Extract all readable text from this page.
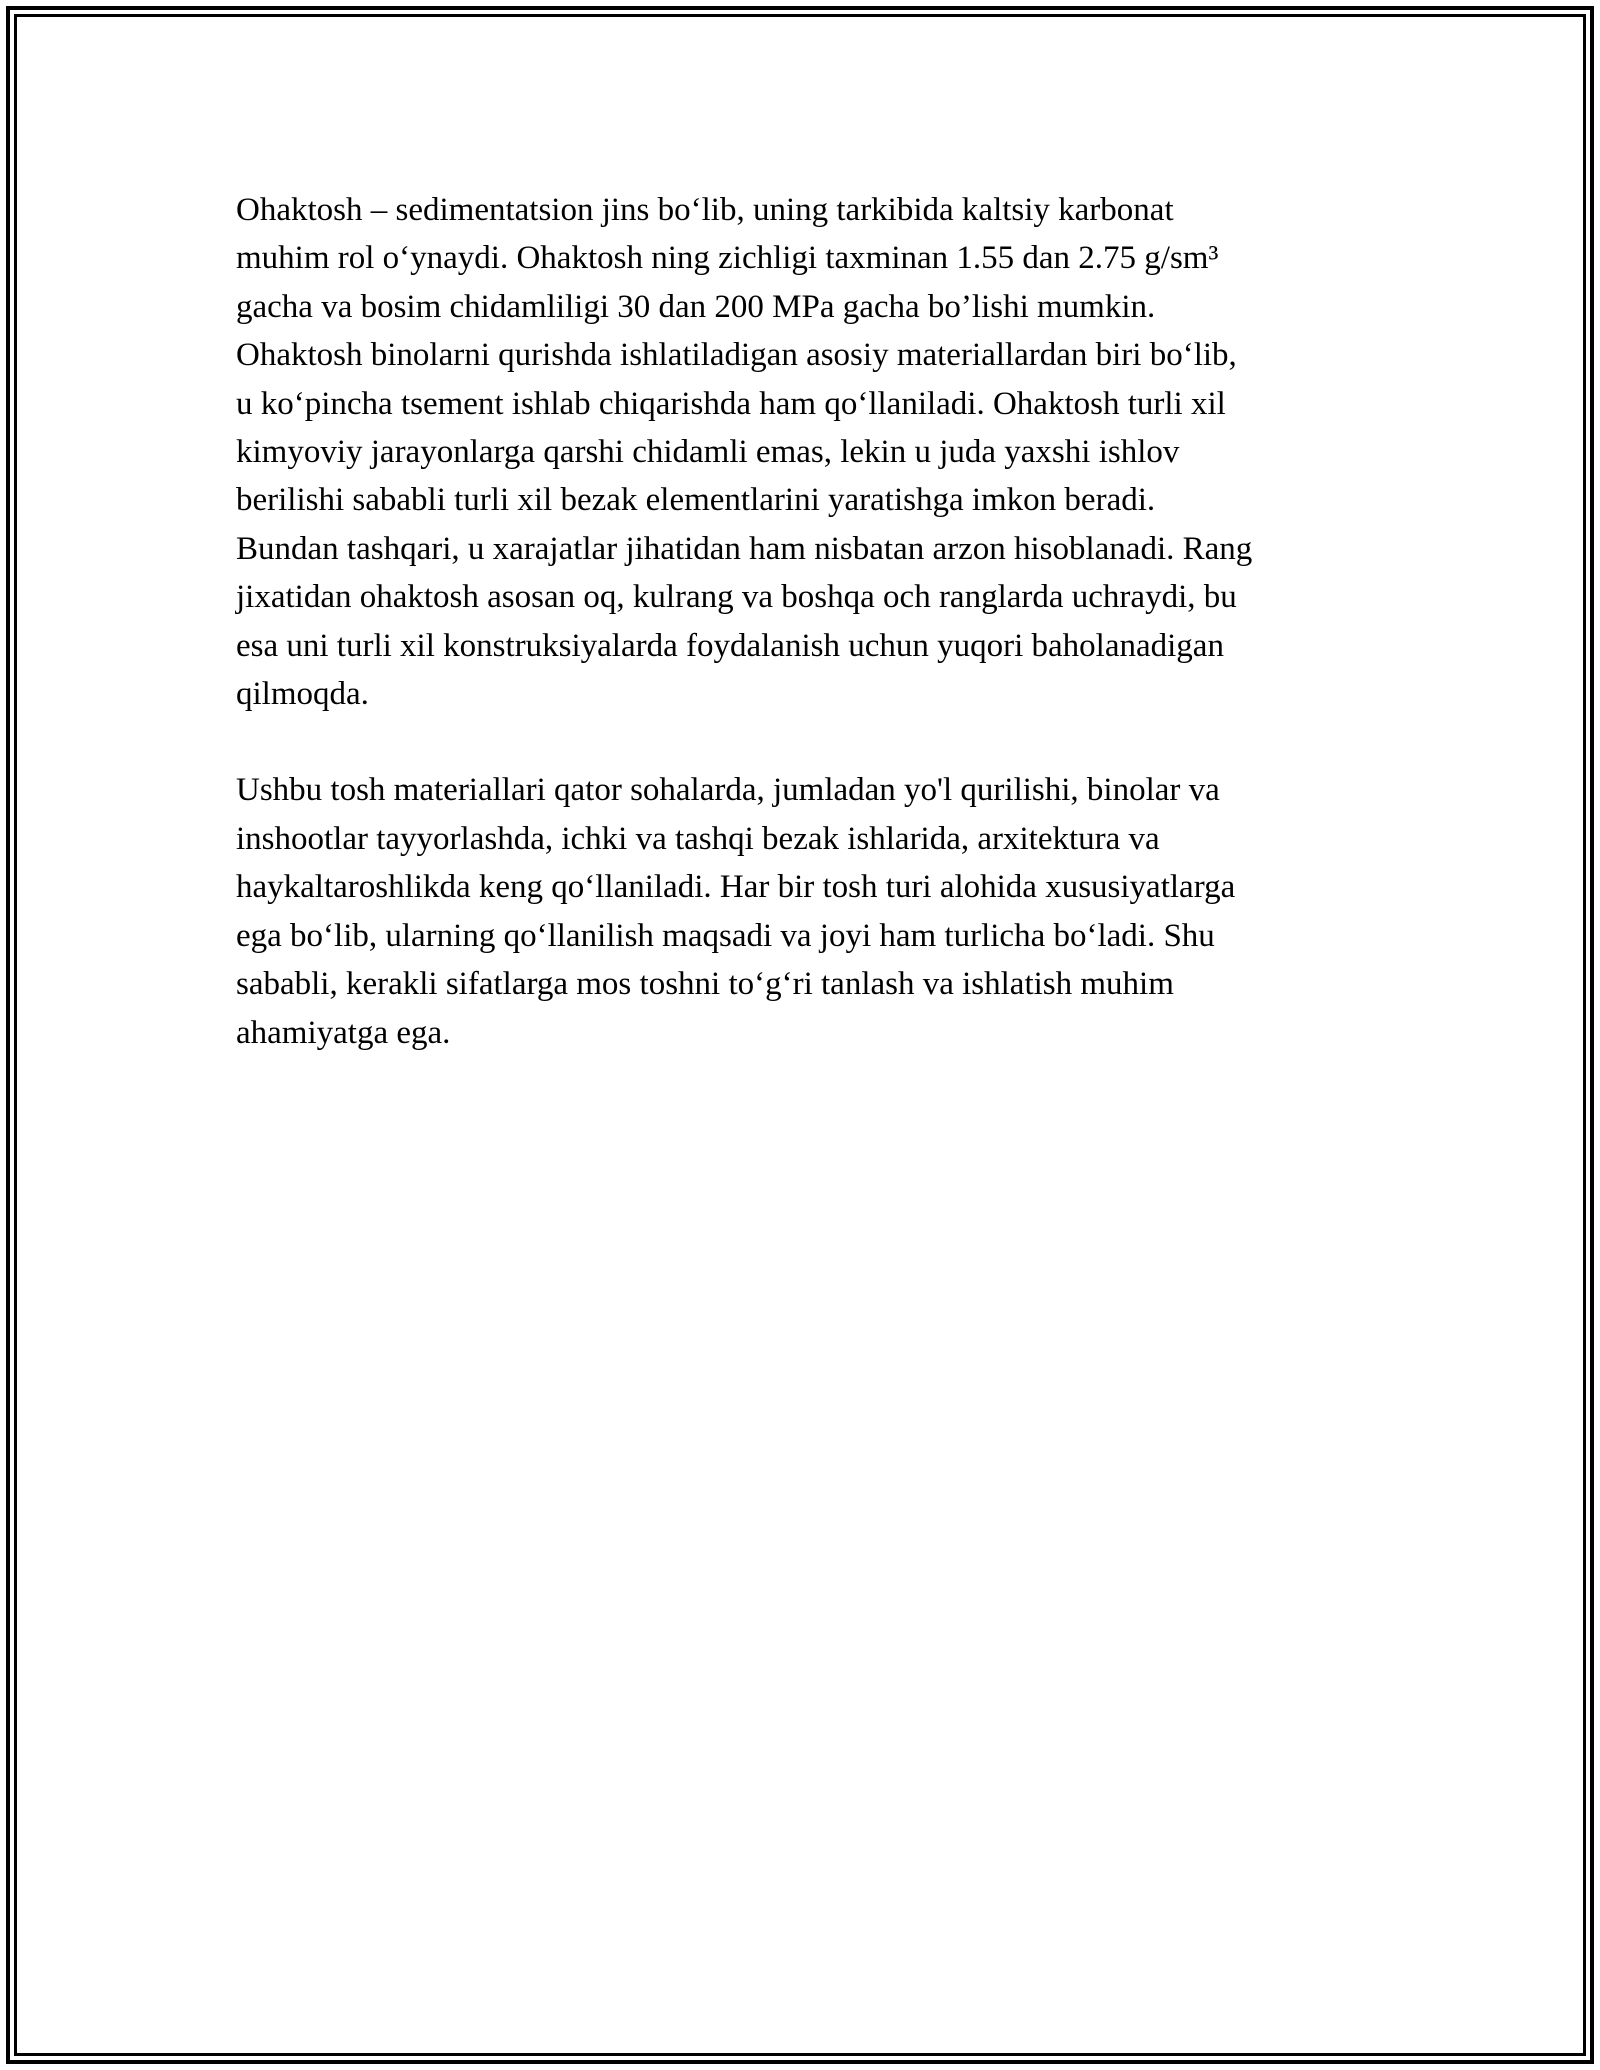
Ohaktosh – sedimentatsion jins bo‘lib, uning tarkibida kaltsiy karbonat
muhim rol o‘ynaydi. Ohaktosh ning zichligi taxminan 1.55 dan 2.75 g/sm³
gacha va bosim chidamliligi 30 dan 200 MPa gacha bo’lishi mumkin.
Ohaktosh binolarni qurishda ishlatiladigan asosiy materiallardan biri bo‘lib,
u ko‘pincha tsement ishlab chiqarishda ham qo‘llaniladi. Ohaktosh turli xil
kimyoviy jarayonlarga qarshi chidamli emas, lekin u juda yaxshi ishlov
berilishi sababli turli xil bezak elementlarini yaratishga imkon beradi.
Bundan tashqari, u xarajatlar jihatidan ham nisbatan arzon hisoblanadi. Rang
jixatidan ohaktosh asosan oq, kulrang va boshqa och ranglarda uchraydi, bu
esa uni turli xil konstruksiyalarda foydalanish uchun yuqori baholanadigan
qilmoqda.

Ushbu tosh materiallari qator sohalarda, jumladan yo'l qurilishi, binolar va
inshootlar tayyorlashda, ichki va tashqi bezak ishlarida, arxitektura va
haykaltaroshlikda keng qo‘llaniladi. Har bir tosh turi alohida xususiyatlarga
ega bo‘lib, ularning qo‘llanilish maqsadi va joyi ham turlicha bo‘ladi. Shu
sababli, kerakli sifatlarga mos toshni to‘g‘ri tanlash va ishlatish muhim
ahamiyatga ega.
